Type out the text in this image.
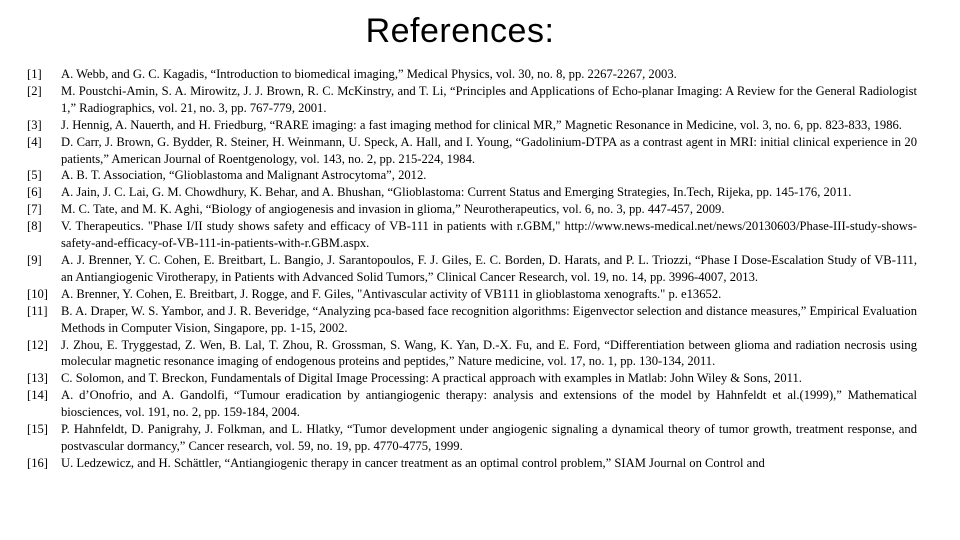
References:
[1]	A. Webb, and G. C. Kagadis, “Introduction to biomedical imaging,” Medical Physics, vol. 30, no. 8, pp. 2267-2267, 2003.
[2]	M. Poustchi-Amin, S. A. Mirowitz, J. J. Brown, R. C. McKinstry, and T. Li, “Principles and Applications of Echo-planar Imaging: A Review for the General Radiologist 1,” Radiographics, vol. 21, no. 3, pp. 767-779, 2001.
[3]	J. Hennig, A. Nauerth, and H. Friedburg, “RARE imaging: a fast imaging method for clinical MR,” Magnetic Resonance in Medicine, vol. 3, no. 6, pp. 823-833, 1986.
[4]	D. Carr, J. Brown, G. Bydder, R. Steiner, H. Weinmann, U. Speck, A. Hall, and I. Young, “Gadolinium-DTPA as a contrast agent in MRI: initial clinical experience in 20 patients,” American Journal of Roentgenology, vol. 143, no. 2, pp. 215-224, 1984.
[5]	A. B. T. Association, “Glioblastoma and Malignant Astrocytoma”, 2012.
[6]	A. Jain, J. C. Lai, G. M. Chowdhury, K. Behar, and A. Bhushan, “Glioblastoma: Current Status and Emerging Strategies, In.Tech, Rijeka, pp. 145-176, 2011.
[7]	M. C. Tate, and M. K. Aghi, “Biology of angiogenesis and invasion in glioma,” Neurotherapeutics, vol. 6, no. 3, pp. 447-457, 2009.
[8]	V. Therapeutics. "Phase I/II study shows safety and efficacy of VB-111 in patients with r.GBM," http://www.news-medical.net/news/20130603/Phase-III-study-shows-safety-and-efficacy-of-VB-111-in-patients-with-r.GBM.aspx.
[9]	A. J. Brenner, Y. C. Cohen, E. Breitbart, L. Bangio, J. Sarantopoulos, F. J. Giles, E. C. Borden, D. Harats, and P. L. Triozzi, “Phase I Dose-Escalation Study of VB-111, an Antiangiogenic Virotherapy, in Patients with Advanced Solid Tumors,” Clinical Cancer Research, vol. 19, no. 14, pp. 3996-4007, 2013.
[10]	A. Brenner, Y. Cohen, E. Breitbart, J. Rogge, and F. Giles, "Antivascular activity of VB111 in glioblastoma xenografts." p. e13652.
[11]	B. A. Draper, W. S. Yambor, and J. R. Beveridge, “Analyzing pca-based face recognition algorithms: Eigenvector selection and distance measures,” Empirical Evaluation Methods in Computer Vision, Singapore, pp. 1-15, 2002.
[12]	J. Zhou, E. Tryggestad, Z. Wen, B. Lal, T. Zhou, R. Grossman, S. Wang, K. Yan, D.-X. Fu, and E. Ford, “Differentiation between glioma and radiation necrosis using molecular magnetic resonance imaging of endogenous proteins and peptides,” Nature medicine, vol. 17, no. 1, pp. 130-134, 2011.
[13]	C. Solomon, and T. Breckon, Fundamentals of Digital Image Processing: A practical approach with examples in Matlab: John Wiley & Sons, 2011.
[14]	A. d’Onofrio, and A. Gandolfi, “Tumour eradication by antiangiogenic therapy: analysis and extensions of the model by Hahnfeldt et al.(1999),” Mathematical biosciences, vol. 191, no. 2, pp. 159-184, 2004.
[15]	P. Hahnfeldt, D. Panigrahy, J. Folkman, and L. Hlatky, “Tumor development under angiogenic signaling a dynamical theory of tumor growth, treatment response, and postvascular dormancy,” Cancer research, vol. 59, no. 19, pp. 4770-4775, 1999.
[16]	U. Ledzewicz, and H. Schättler, “Antiangiogenic therapy in cancer treatment as an optimal control problem,” SIAM Journal on Control and
